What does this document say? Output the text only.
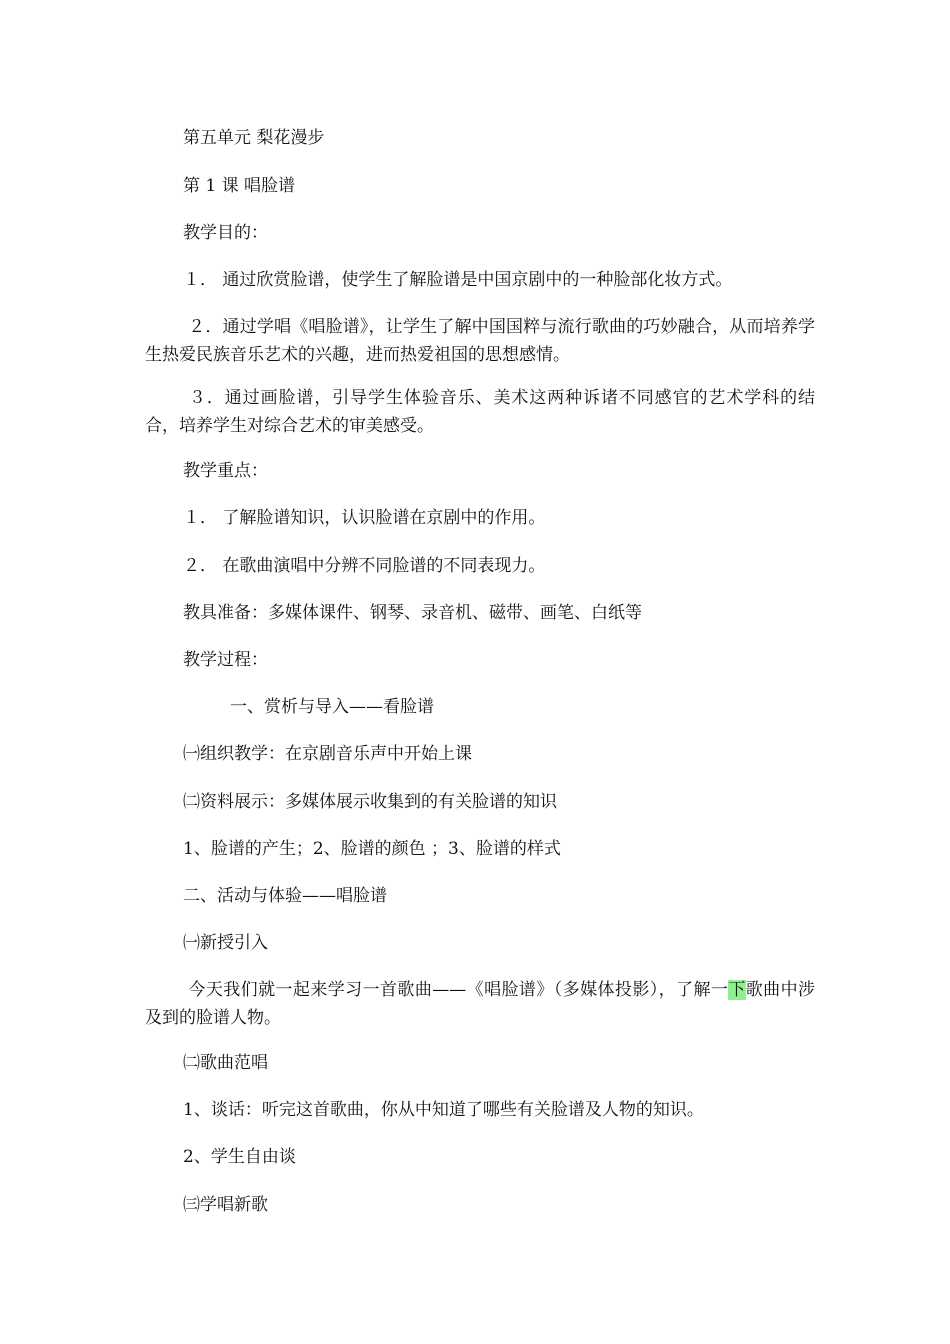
第五单元 梨花漫步
第 1 课 唱脸谱
教学目的：
１． 通过欣赏脸谱，使学生了解脸谱是中国京剧中的一种脸部化妆方式。
２．通过学唱《唱脸谱》，让学生了解中国国粹与流行歌曲的巧妙融合，从而培养学生热爱民族音乐艺术的兴趣，进而热爱祖国的思想感情。
３．通过画脸谱，引导学生体验音乐、美术这两种诉诸不同感官的艺术学科的结合，培养学生对综合艺术的审美感受。
教学重点：
１． 了解脸谱知识，认识脸谱在京剧中的作用。
２． 在歌曲演唱中分辨不同脸谱的不同表现力。
教具准备：多媒体课件、钢琴、录音机、磁带、画笔、白纸等
教学过程：
一、赏析与导入——看脸谱
㈠组织教学：在京剧音乐声中开始上课
㈡资料展示：多媒体展示收集到的有关脸谱的知识
1、脸谱的产生；2、脸谱的颜色 ；3、脸谱的样式
二、活动与体验——唱脸谱
㈠新授引入
今天我们就一起来学习一首歌曲——《唱脸谱》（多媒体投影），了解一下歌曲中涉及到的脸谱人物。
㈡歌曲范唱
1、谈话：听完这首歌曲，你从中知道了哪些有关脸谱及人物的知识。
2、学生自由谈
㈢学唱新歌
